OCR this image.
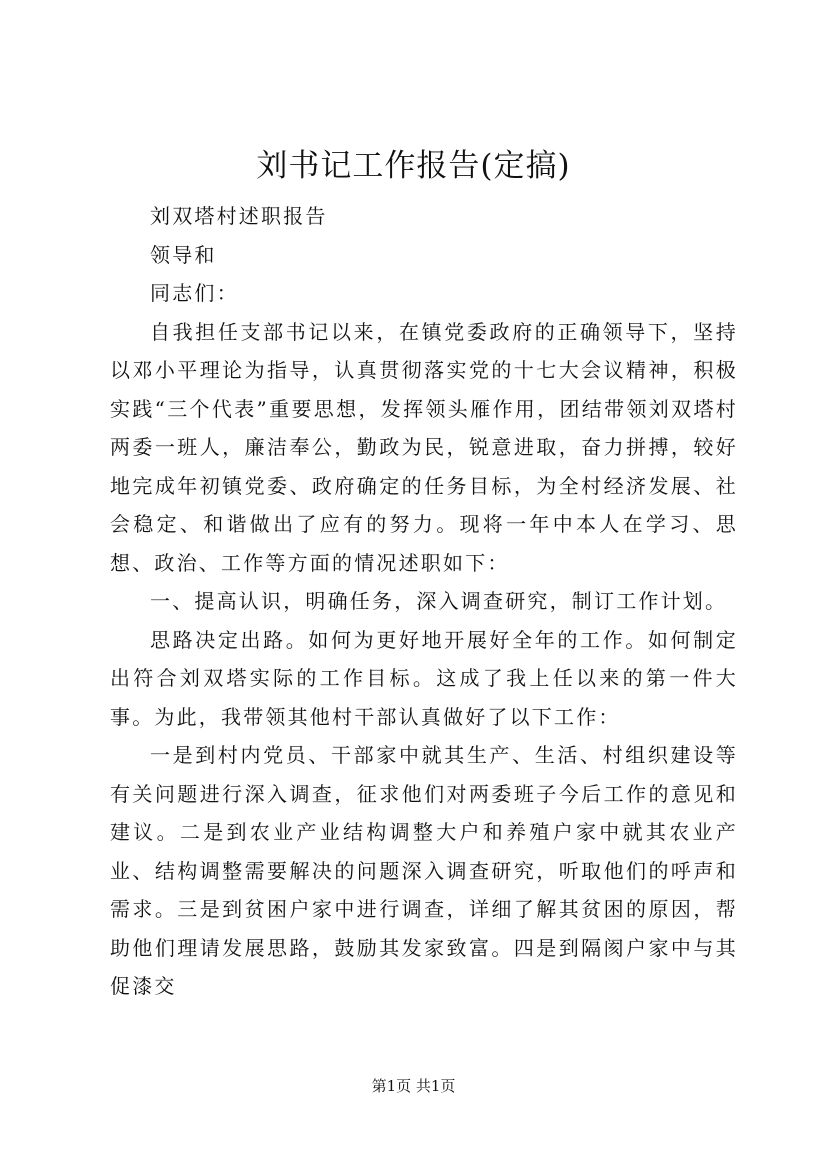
刘书记工作报告(定搞)

刘双塔村述职报告

领导和

同志们：

自我担任支部书记以来，在镇党委政府的正确领导下，坚持以邓小平理论为指导，认真贯彻落实党的十七大会议精神，积极实践“三个代表”重要思想，发挥领头雁作用，团结带领刘双塔村两委一班人，廉洁奉公，勤政为民，锐意进取，奋力拼搏，较好地完成年初镇党委、政府确定的任务目标，为全村经济发展、社会稳定、和谐做出了应有的努力。现将一年中本人在学习、思想、政治、工作等方面的情况述职如下：

一、提高认识，明确任务，深入调查研究，制订工作计划。

思路决定出路。如何为更好地开展好全年的工作。如何制定出符合刘双塔实际的工作目标。这成了我上任以来的第一件大事。为此，我带领其他村干部认真做好了以下工作：

一是到村内党员、干部家中就其生产、生活、村组织建设等有关问题进行深入调查，征求他们对两委班子今后工作的意见和建议。二是到农业产业结构调整大户和养殖户家中就其农业产业、结构调整需要解决的问题深入调查研究，听取他们的呼声和需求。三是到贫困户家中进行调查，详细了解其贫困的原因，帮助他们理请发展思路，鼓励其发家致富。四是到隔阂户家中与其促漆交

第1页 共1页
